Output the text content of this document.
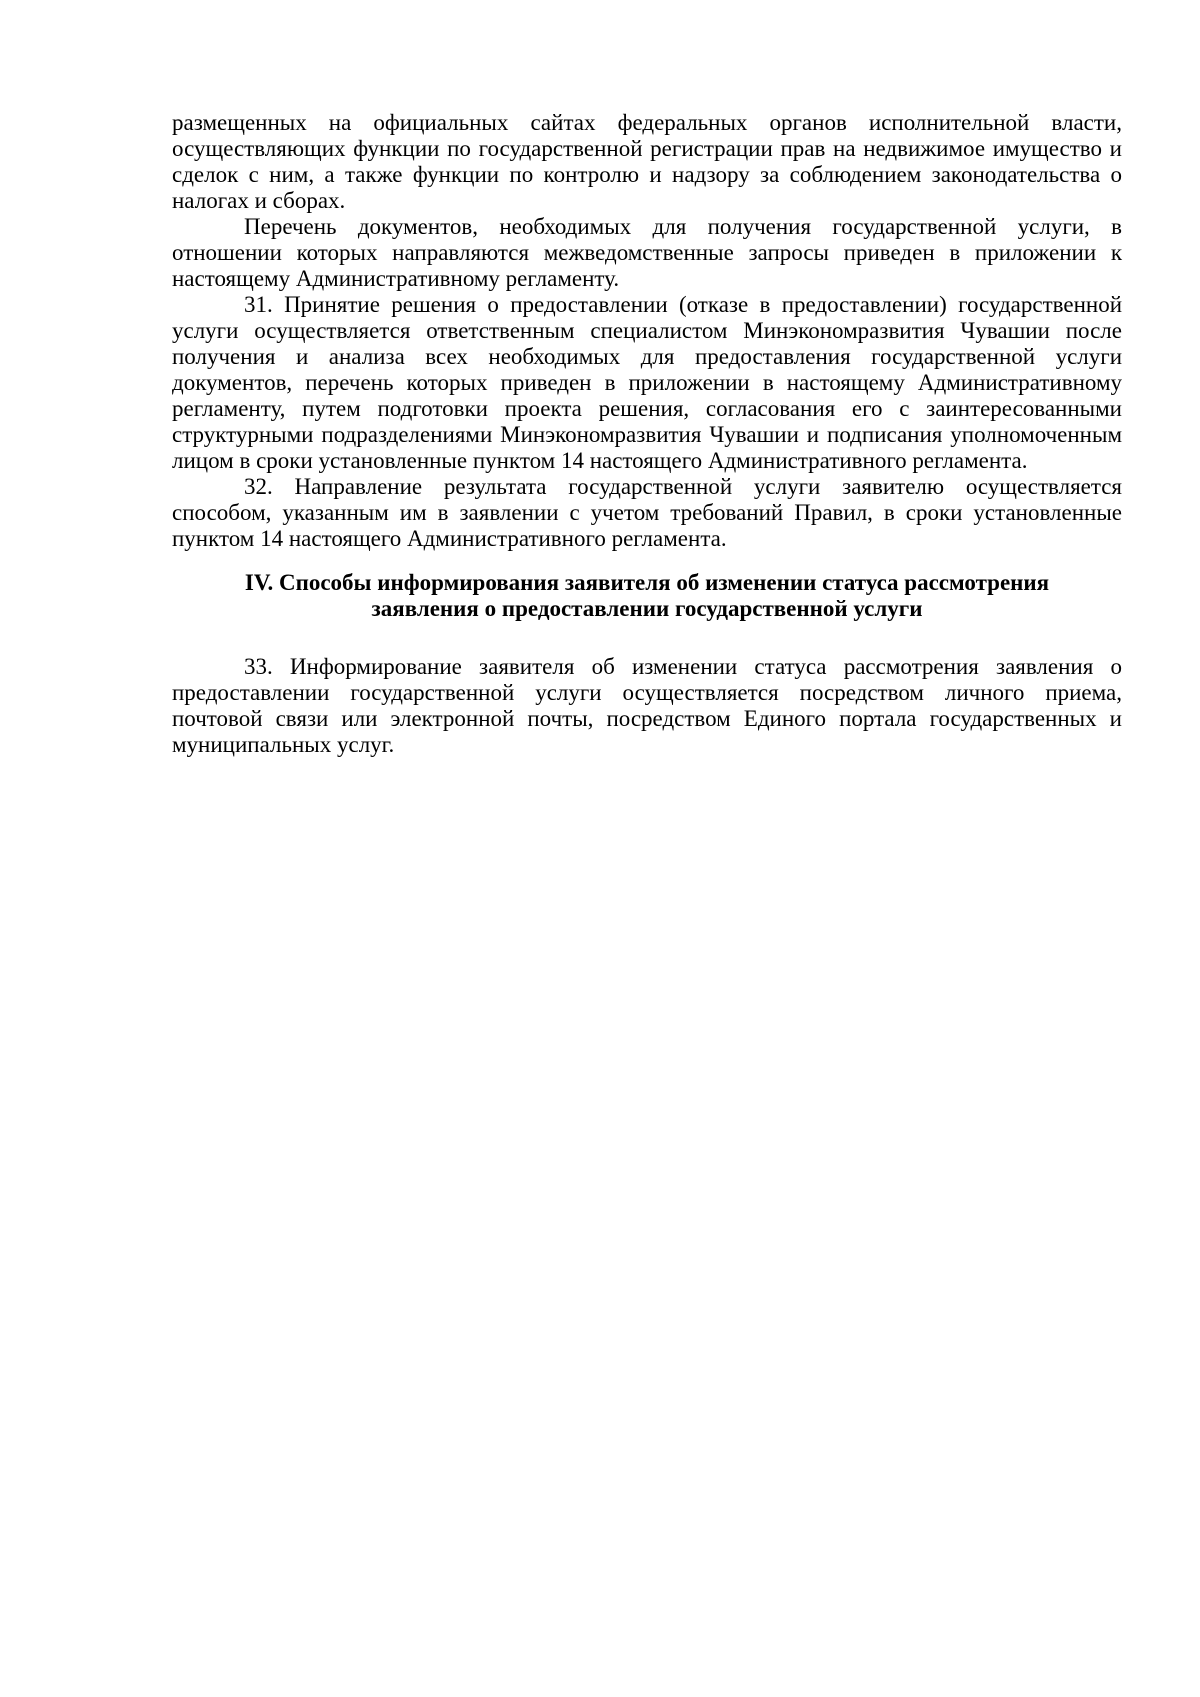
размещенных на официальных сайтах федеральных органов исполнительной власти, осуществляющих функции по государственной регистрации прав на недвижимое имущество и сделок с ним, а также функции по контролю и надзору за соблюдением законодательства о налогах и сборах.

Перечень документов, необходимых для получения государственной услуги, в отношении которых направляются межведомственные запросы приведен в приложении к настоящему Административному регламенту.

31. Принятие решения о предоставлении (отказе в предоставлении) государственной услуги осуществляется ответственным специалистом Минэкономразвития Чувашии после получения и анализа всех необходимых для предоставления государственной услуги документов, перечень которых приведен в приложении в настоящему Административному регламенту, путем подготовки проекта решения, согласования его с заинтересованными структурными подразделениями Минэкономразвития Чувашии и подписания уполномоченным лицом в сроки установленные пунктом 14 настоящего Административного регламента.

32. Направление результата государственной услуги заявителю осуществляется способом, указанным им в заявлении с учетом требований Правил, в сроки установленные пунктом 14 настоящего Административного регламента.

IV. Способы информирования заявителя об изменении статуса рассмотрения
заявления о предоставлении государственной услуги

33. Информирование заявителя об изменении статуса рассмотрения заявления о предоставлении государственной услуги осуществляется посредством личного приема, почтовой связи или электронной почты, посредством Единого портала государственных и муниципальных услуг.
